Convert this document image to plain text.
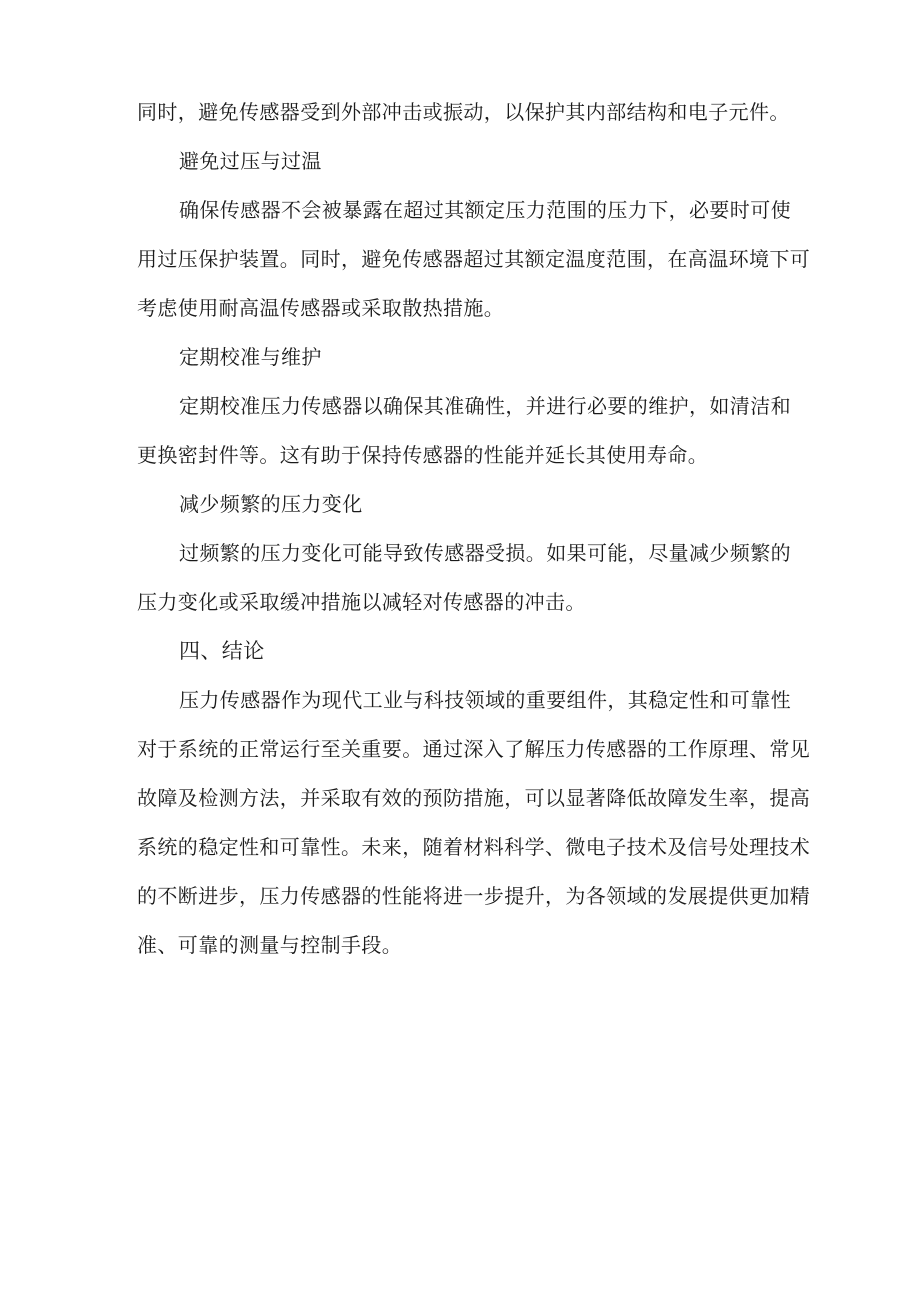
同时，避免传感器受到外部冲击或振动，以保护其内部结构和电子元件。

避免过压与过温

确保传感器不会被暴露在超过其额定压力范围的压力下，必要时可使

用过压保护装置。同时，避免传感器超过其额定温度范围，在高温环境下可

考虑使用耐高温传感器或采取散热措施。

定期校准与维护

定期校准压力传感器以确保其准确性，并进行必要的维护，如清洁和

更换密封件等。这有助于保持传感器的性能并延长其使用寿命。

减少频繁的压力变化

过频繁的压力变化可能导致传感器受损。如果可能，尽量减少频繁的

压力变化或采取缓冲措施以减轻对传感器的冲击。

四、结论

压力传感器作为现代工业与科技领域的重要组件，其稳定性和可靠性

对于系统的正常运行至关重要。通过深入了解压力传感器的工作原理、常见

故障及检测方法，并采取有效的预防措施，可以显著降低故障发生率，提高

系统的稳定性和可靠性。未来，随着材料科学、微电子技术及信号处理技术

的不断进步，压力传感器的性能将进一步提升，为各领域的发展提供更加精

准、可靠的测量与控制手段。
